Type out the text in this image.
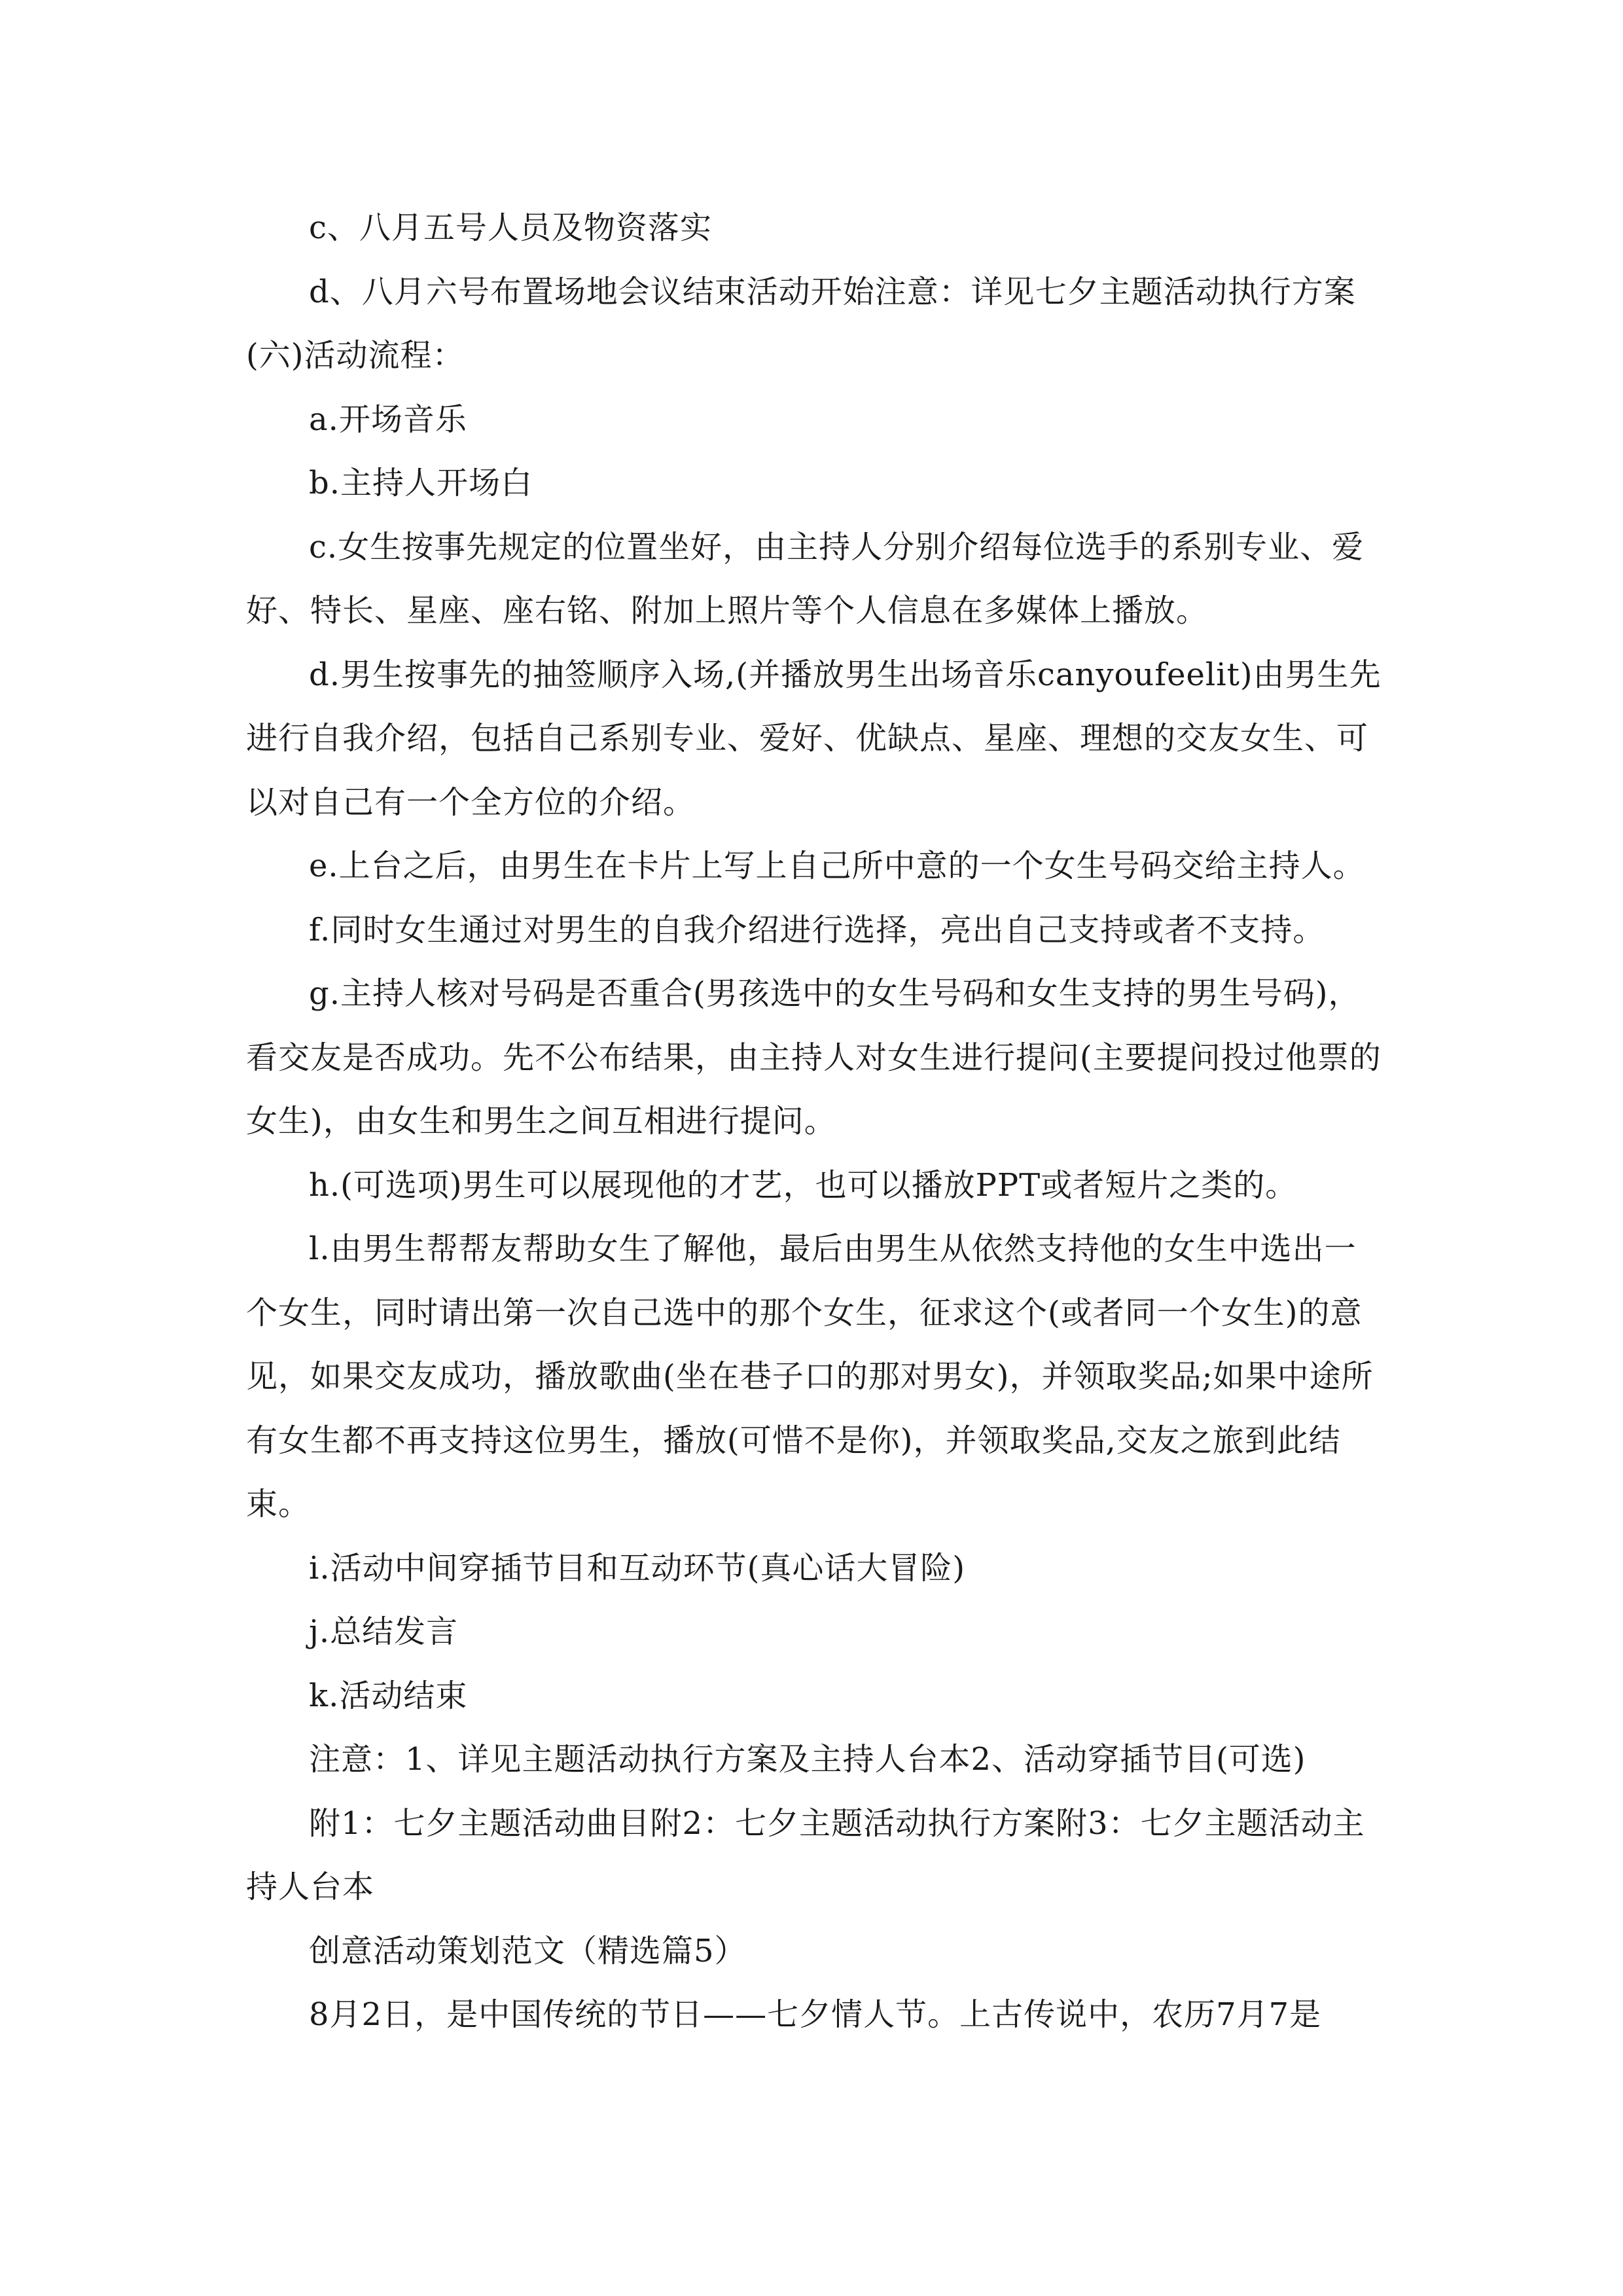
c、八月五号人员及物资落实

d、八月六号布置场地会议结束活动开始注意：详见七夕主题活动执行方案

(六)活动流程：

a.开场音乐

b.主持人开场白

c.女生按事先规定的位置坐好，由主持人分别介绍每位选手的系别专业、爱好、特长、星座、座右铭、附加上照片等个人信息在多媒体上播放。

d.男生按事先的抽签顺序入场,(并播放男生出场音乐canyoufeelit)由男生先进行自我介绍，包括自己系别专业、爱好、优缺点、星座、理想的交友女生、可以对自己有一个全方位的介绍。

e.上台之后，由男生在卡片上写上自己所中意的一个女生号码交给主持人。

f.同时女生通过对男生的自我介绍进行选择，亮出自己支持或者不支持。

g.主持人核对号码是否重合(男孩选中的女生号码和女生支持的男生号码)，看交友是否成功。先不公布结果，由主持人对女生进行提问(主要提问投过他票的女生)，由女生和男生之间互相进行提问。

h.(可选项)男生可以展现他的才艺，也可以播放PPT或者短片之类的。

l.由男生帮帮友帮助女生了解他，最后由男生从依然支持他的女生中选出一个女生，同时请出第一次自己选中的那个女生，征求这个(或者同一个女生)的意见，如果交友成功，播放歌曲(坐在巷子口的那对男女)，并领取奖品;如果中途所有女生都不再支持这位男生，播放(可惜不是你)，并领取奖品,交友之旅到此结束。

i.活动中间穿插节目和互动环节(真心话大冒险)

j.总结发言

k.活动结束

注意：1、详见主题活动执行方案及主持人台本2、活动穿插节目(可选)

附1：七夕主题活动曲目附2：七夕主题活动执行方案附3：七夕主题活动主持人台本

创意活动策划范文（精选篇5）

8月2日，是中国传统的节日——七夕情人节。上古传说中，农历7月7是
